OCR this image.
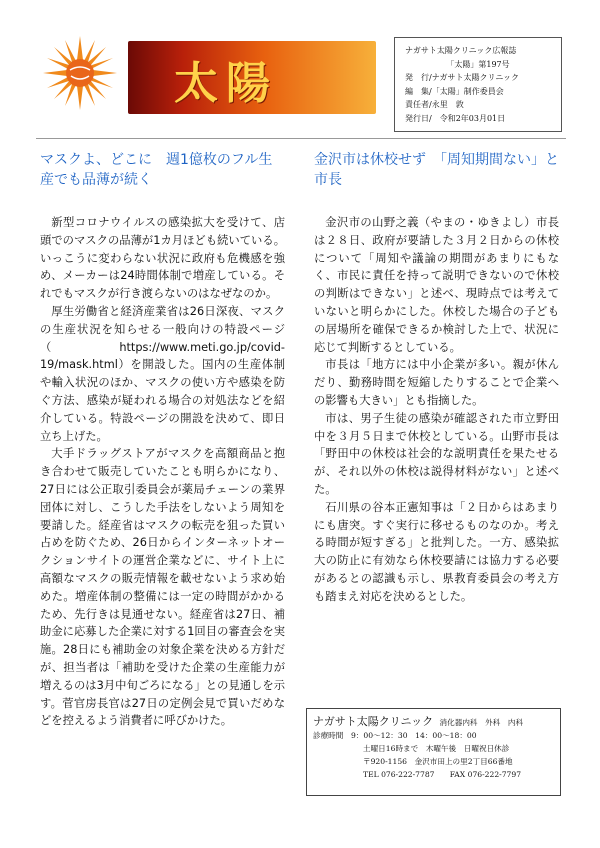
太陽
ナガサト太陽クリニック広報誌
「太陽」第197号
発　行/ナガサト太陽クリニック
編　集/「太陽」制作委員会
責任者/永里　敦
発行日/　令和2年03月01日
マスクよ、どこに　週1億枚のフル生産でも品薄が続く

新型コロナウイルスの感染拡大を受けて、店頭でのマスクの品薄が1カ月ほども続いている。いっこうに変わらない状況に政府も危機感を強め、メーカーは24時間体制で増産している。それでもマスクが行き渡らないのはなぜなのか。

厚生労働省と経済産業省は26日深夜、マスクの生産状況を知らせる一般向けの特設ページ（https://www.meti.go.jp/covid-19/mask.html）を開設した。国内の生産体制や輸入状況のほか、マスクの使い方や感染を防ぐ方法、感染が疑われる場合の対処法などを紹介している。特設ページの開設を決めて、即日立ち上げた。

大手ドラッグストアがマスクを高額商品と抱き合わせて販売していたことも明らかになり、27日には公正取引委員会が薬局チェーンの業界団体に対し、こうした手法をしないよう周知を要請した。経産省はマスクの転売を狙った買い占めを防ぐため、26日からインターネットオークションサイトの運営企業などに、サイト上に高額なマスクの販売情報を載せないよう求め始めた。増産体制の整備には一定の時間がかかるため、先行きは見通せない。経産省は27日、補助金に応募した企業に対する1回目の審査会を実施。28日にも補助金の対象企業を決める方針だが、担当者は「補助を受けた企業の生産能力が増えるのは3月中旬ごろになる」との見通しを示す。菅官房長官は27日の定例会見で買いだめなどを控えるよう消費者に呼びかけた。

金沢市は休校せず　「周知期間ない」と市長

金沢市の山野之義（やまの・ゆきよし）市長は２８日、政府が要請した３月２日からの休校について「周知や議論の期間があまりにもなく、市民に責任を持って説明できないので休校の判断はできない」と述べ、現時点では考えていないと明らかにした。休校した場合の子どもの居場所を確保できるか検討した上で、状況に応じて判断するとしている。

市長は「地方には中小企業が多い。親が休んだり、勤務時間を短縮したりすることで企業への影響も大きい」とも指摘した。

市は、男子生徒の感染が確認された市立野田中を３月５日まで休校としている。山野市長は「野田中の休校は社会的な説明責任を果たせるが、それ以外の休校は説得材料がない」と述べた。

石川県の谷本正憲知事は「２日からはあまりにも唐突。すぐ実行に移せるものなのか。考える時間が短すぎる」と批判した。一方、感染拡大の防止に有効なら休校要請には協力する必要があるとの認識も示し、県教育委員会の考え方も踏まえ対応を決めるとした。

ナガサト太陽クリニック 消化器内科　外科　内科
診療時間　9：00～12：30　14：00～18：00
土曜日16時まで　木曜午後　日曜祝日休診
〒920-1156　金沢市田上の里2丁目66番地
TEL 076-222-7787　　FAX 076-222-7797
